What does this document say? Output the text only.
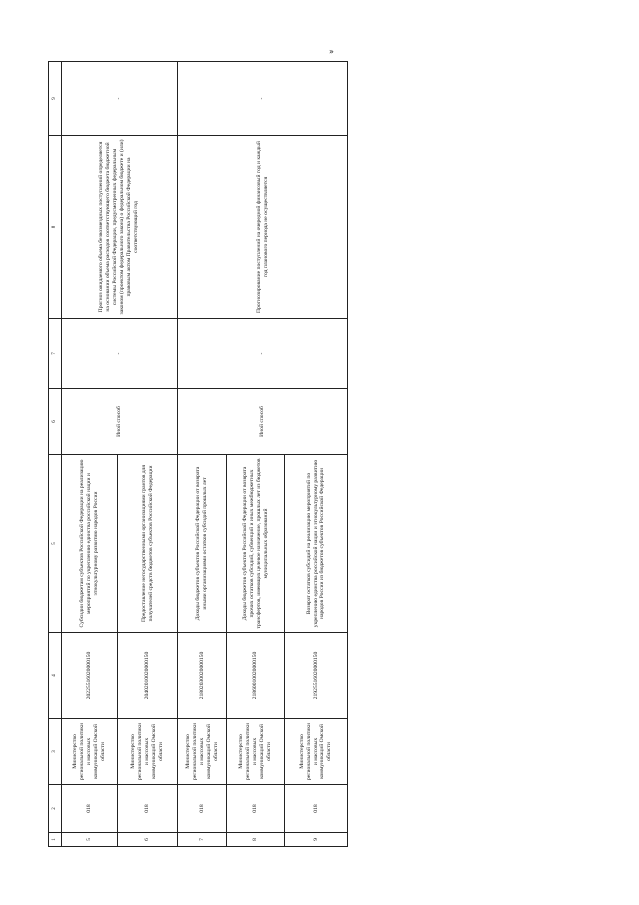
»
1	2	3	4	5	6	7	8	9
5	018	Министерство региональной политики и массовых коммуникаций Омской области	20225516020000150	Субсидии бюджетам субъектов Российской Федерации на реализацию мероприятий по укреплению единства российской нации и этнокультурному развитию народов России	Иной способ	-	Прогноз ожидаемого объема безвозмездных поступлений определяется на основании объема расходов соответствующего бюджета бюджетной системы Российской Федерации, предусмотренных федеральным законом (проектом федерального закона) о федеральном бюджете и (или) правовым актом Правительства Российской Федерации на соответствующий год	-
6	018	Министерство региональной политики и массовых коммуникаций Омской области	20402010020000150	Предоставление негосударственными организациями грантов для получателей средств бюджетов субъектов Российской Федерации				
7	018	Министерство региональной политики и массовых коммуникаций Омской области	21802030020000150	Доходы бюджетов субъектов Российской Федерации от возврата иными организациями остатков субсидий прошлых лет	Иной способ	-	Прогнозирование поступлений на очередной финансовый год и каждый год планового периода не осуществляется	-
8	018	Министерство региональной политики и массовых коммуникаций Омской области	21860010020000150	Доходы бюджетов субъектов Российской Федерации от возврата прочих остатков субсидий, субвенций и иных межбюджетных трансфертов, имеющих целевое назначение, прошлых лет из бюджетов муниципальных образований				
9	018	Министерство региональной политики и массовых коммуникаций Омской области	21925516020000150	Возврат остатков субсидий на реализацию мероприятий по укреплению единства российской нации и этнокультурному развитию народов России из бюджетов субъектов Российской Федерации				
